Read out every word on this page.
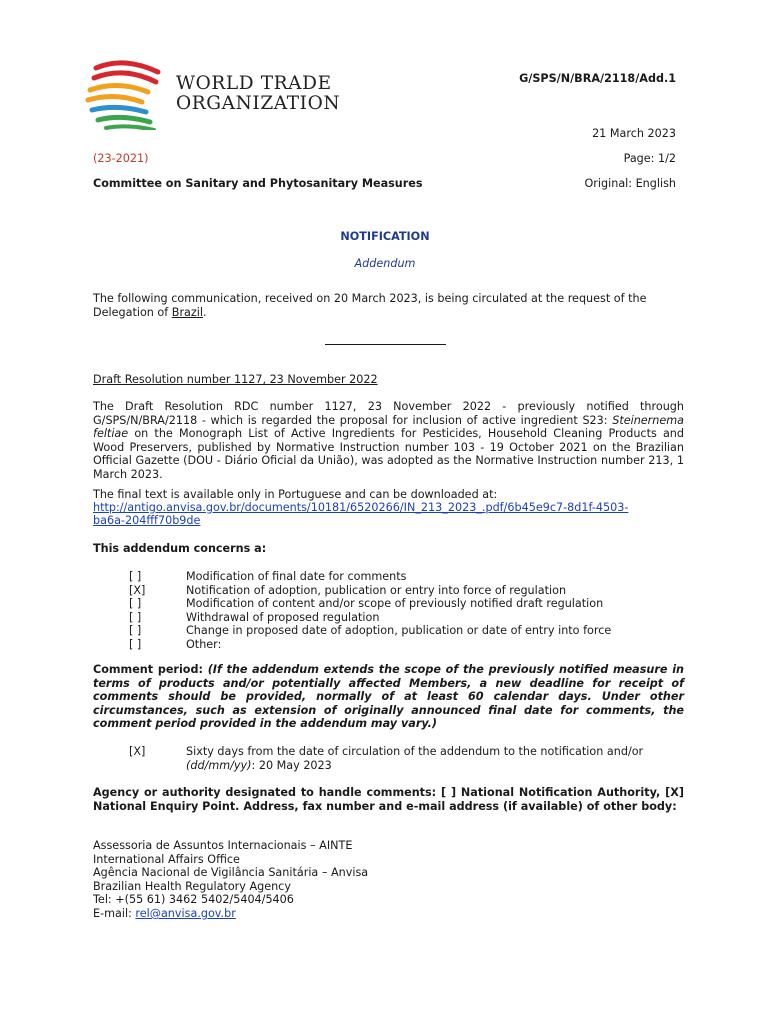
WORLD TRADE
ORGANIZATION
G/SPS/N/BRA/2118/Add.1
21 March 2023
(23-2021)	Page: 1/2
Committee on Sanitary and Phytosanitary Measures	Original: English
NOTIFICATION
Addendum
The following communication, received on 20 March 2023, is being circulated at the request of the Delegation of Brazil.
Draft Resolution number 1127, 23 November 2022
The Draft Resolution RDC number 1127, 23 November 2022 - previously notified through G/SPS/N/BRA/2118 - which is regarded the proposal for inclusion of active ingredient S23: Steinernema feltiae on the Monograph List of Active Ingredients for Pesticides, Household Cleaning Products and Wood Preservers, published by Normative Instruction number 103 - 19 October 2021 on the Brazilian Official Gazette (DOU - Diário Oficial da União), was adopted as the Normative Instruction number 213, 1 March 2023.
The final text is available only in Portuguese and can be downloaded at:
http://antigo.anvisa.gov.br/documents/10181/6520266/IN_213_2023_.pdf/6b45e9c7-8d1f-4503-
ba6a-204fff70b9de
This addendum concerns a:
[ ]	Modification of final date for comments
[X]	Notification of adoption, publication or entry into force of regulation
[ ]	Modification of content and/or scope of previously notified draft regulation
[ ]	Withdrawal of proposed regulation
[ ]	Change in proposed date of adoption, publication or date of entry into force
[ ]	Other:
Comment period: (If the addendum extends the scope of the previously notified measure in terms of products and/or potentially affected Members, a new deadline for receipt of comments should be provided, normally of at least 60 calendar days. Under other circumstances, such as extension of originally announced final date for comments, the comment period provided in the addendum may vary.)
[X]	Sixty days from the date of circulation of the addendum to the notification and/or
(dd/mm/yy): 20 May 2023
Agency or authority designated to handle comments: [ ] National Notification Authority, [X] National Enquiry Point. Address, fax number and e-mail address (if available) of other body:
Assessoria de Assuntos Internacionais – AINTE
International Affairs Office
Agência Nacional de Vigilância Sanitária – Anvisa
Brazilian Health Regulatory Agency
Tel: +(55 61) 3462 5402/5404/5406
E-mail: rel@anvisa.gov.br
